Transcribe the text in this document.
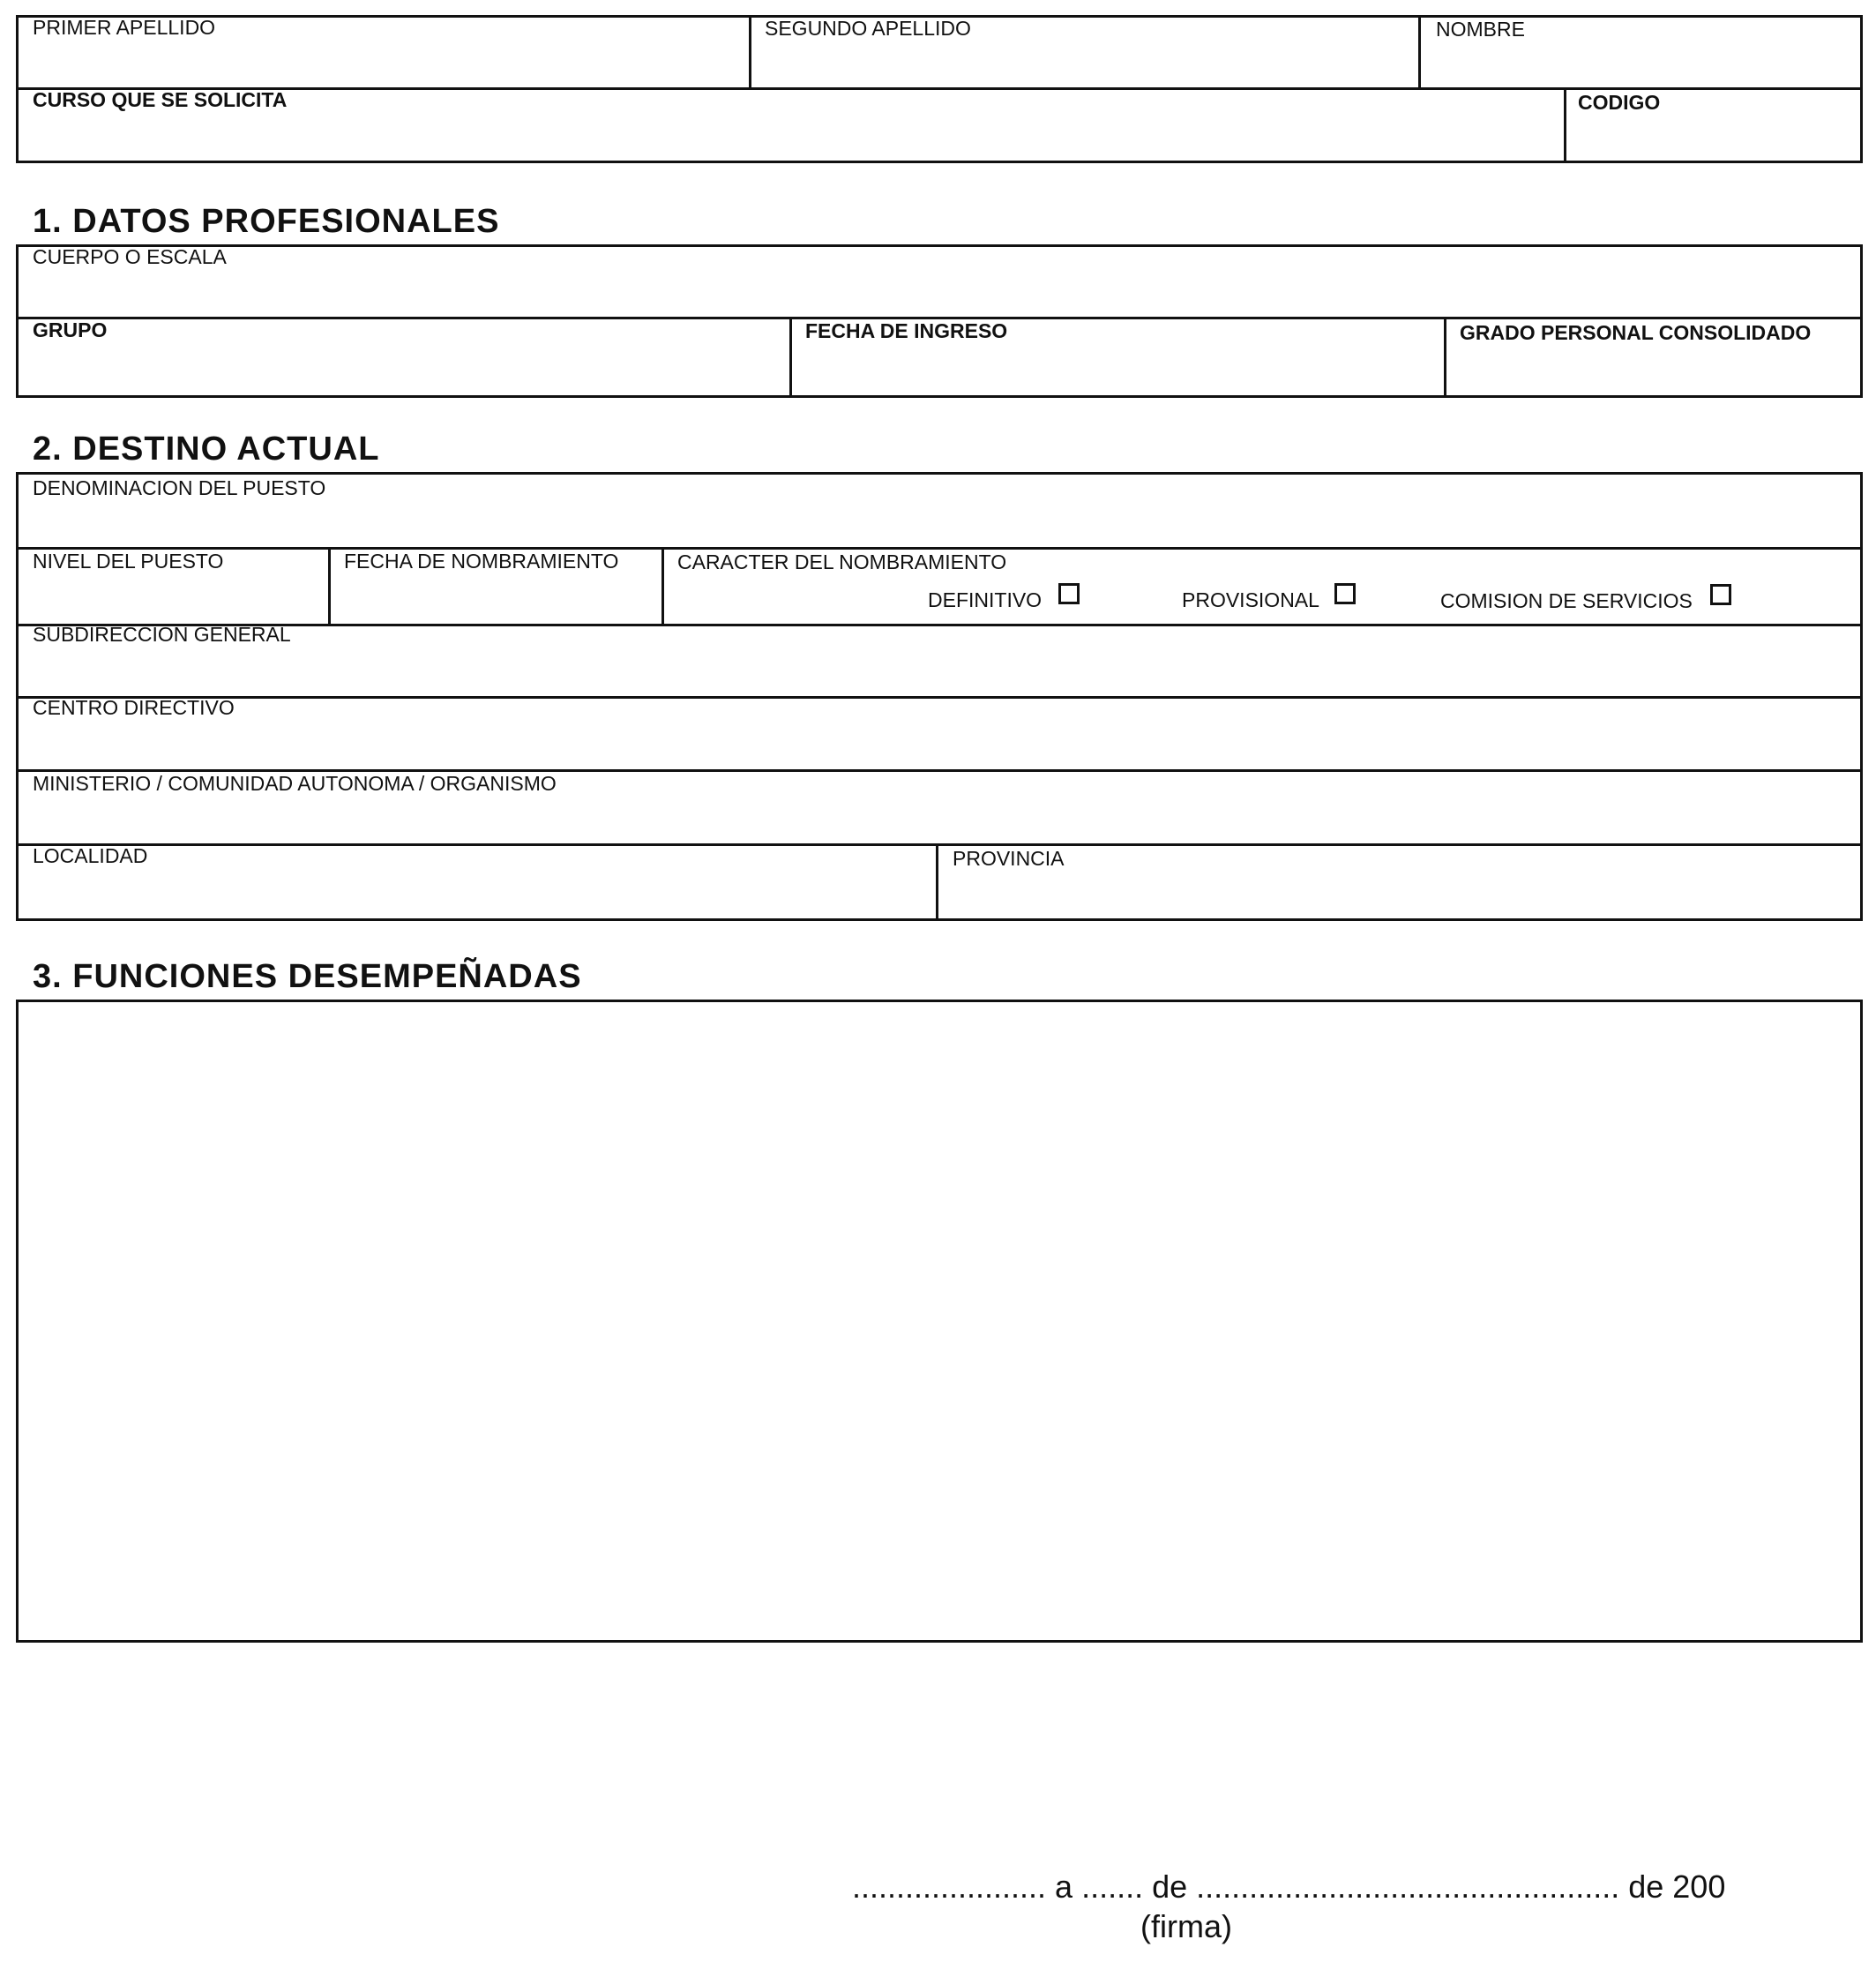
PRIMER APELLIDO	SEGUNDO APELLIDO	NOMBRE
CURSO QUE SE SOLICITA	CODIGO
1. DATOS PROFESIONALES
CUERPO O ESCALA
GRUPO	FECHA DE INGRESO	GRADO PERSONAL CONSOLIDADO
2. DESTINO ACTUAL
DENOMINACION DEL PUESTO
NIVEL DEL PUESTO	FECHA DE NOMBRAMIENTO	CARACTER DEL NOMBRAMIENTO
DEFINITIVO	PROVISIONAL	COMISION DE SERVICIOS
SUBDIRECCION GENERAL
CENTRO DIRECTIVO
MINISTERIO / COMUNIDAD AUTONOMA / ORGANISMO
LOCALIDAD	PROVINCIA
3. FUNCIONES DESEMPEÑADAS
...................... a ....... de ................................................ de 200
(firma)
